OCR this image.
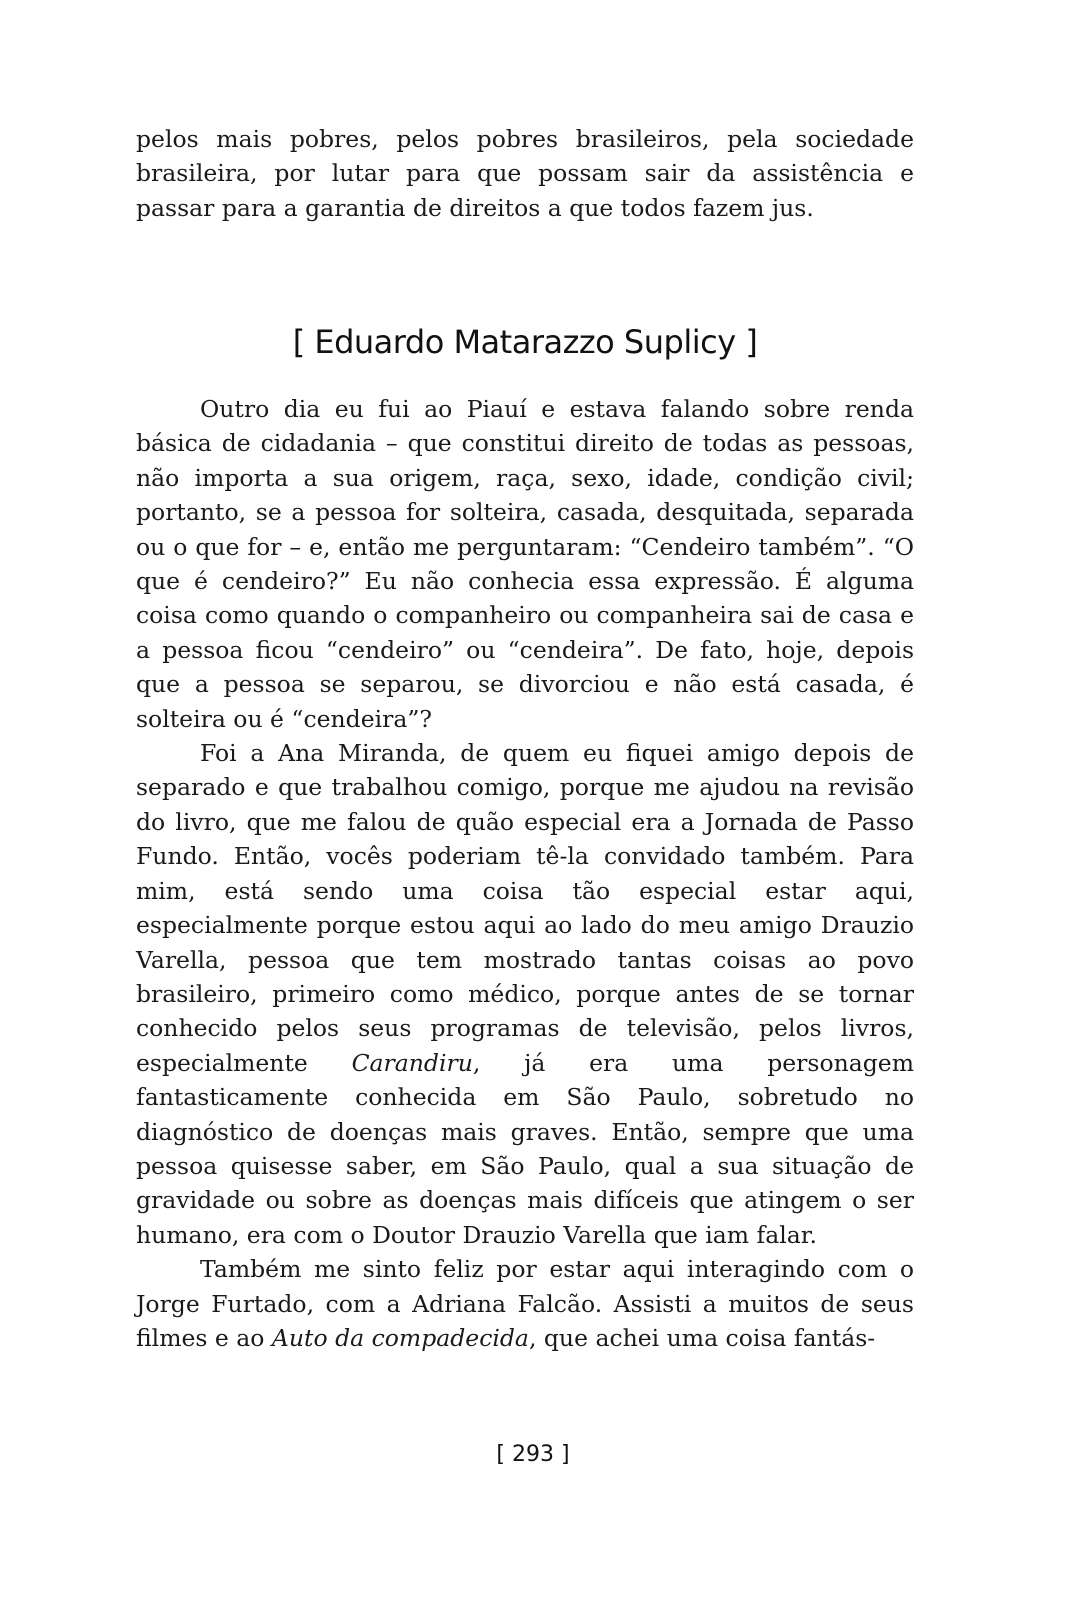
pelos mais pobres, pelos pobres brasileiros, pela sociedade brasileira, por lutar para que possam sair da assistência e passar para a garantia de direitos a que todos fazem jus.

[ Eduardo Matarazzo Suplicy ]

Outro dia eu fui ao Piauí e estava falando sobre renda básica de cidadania – que constitui direito de todas as pessoas, não importa a sua origem, raça, sexo, idade, condição civil; portanto, se a pessoa for solteira, casada, desquitada, separada ou o que for – e, então me perguntaram: “Cendeiro também”. “O que é cendeiro?” Eu não conhecia essa expressão. É alguma coisa como quando o companheiro ou companheira sai de casa e a pessoa ficou “cendeiro” ou “cendeira”. De fato, hoje, depois que a pessoa se separou, se divorciou e não está casada, é solteira ou é “cendeira”?

Foi a Ana Miranda, de quem eu fiquei amigo depois de separado e que trabalhou comigo, porque me ajudou na revisão do livro, que me falou de quão especial era a Jornada de Passo Fundo. Então, vocês poderiam tê-la convidado também. Para mim, está sendo uma coisa tão especial estar aqui, especialmente porque estou aqui ao lado do meu amigo Drauzio Varella, pessoa que tem mostrado tantas coisas ao povo brasileiro, primeiro como médico, porque antes de se tornar conhecido pelos seus programas de televisão, pelos livros, especialmente Carandiru, já era uma personagem fantasticamente conhecida em São Paulo, sobretudo no diagnóstico de doenças mais graves. Então, sempre que uma pessoa quisesse saber, em São Paulo, qual a sua situação de gravidade ou sobre as doenças mais difíceis que atingem o ser humano, era com o Doutor Drauzio Varella que iam falar.

Também me sinto feliz por estar aqui interagindo com o Jorge Furtado, com a Adriana Falcão. Assisti a muitos de seus filmes e ao Auto da compadecida, que achei uma coisa fantás-

[ 293 ]
